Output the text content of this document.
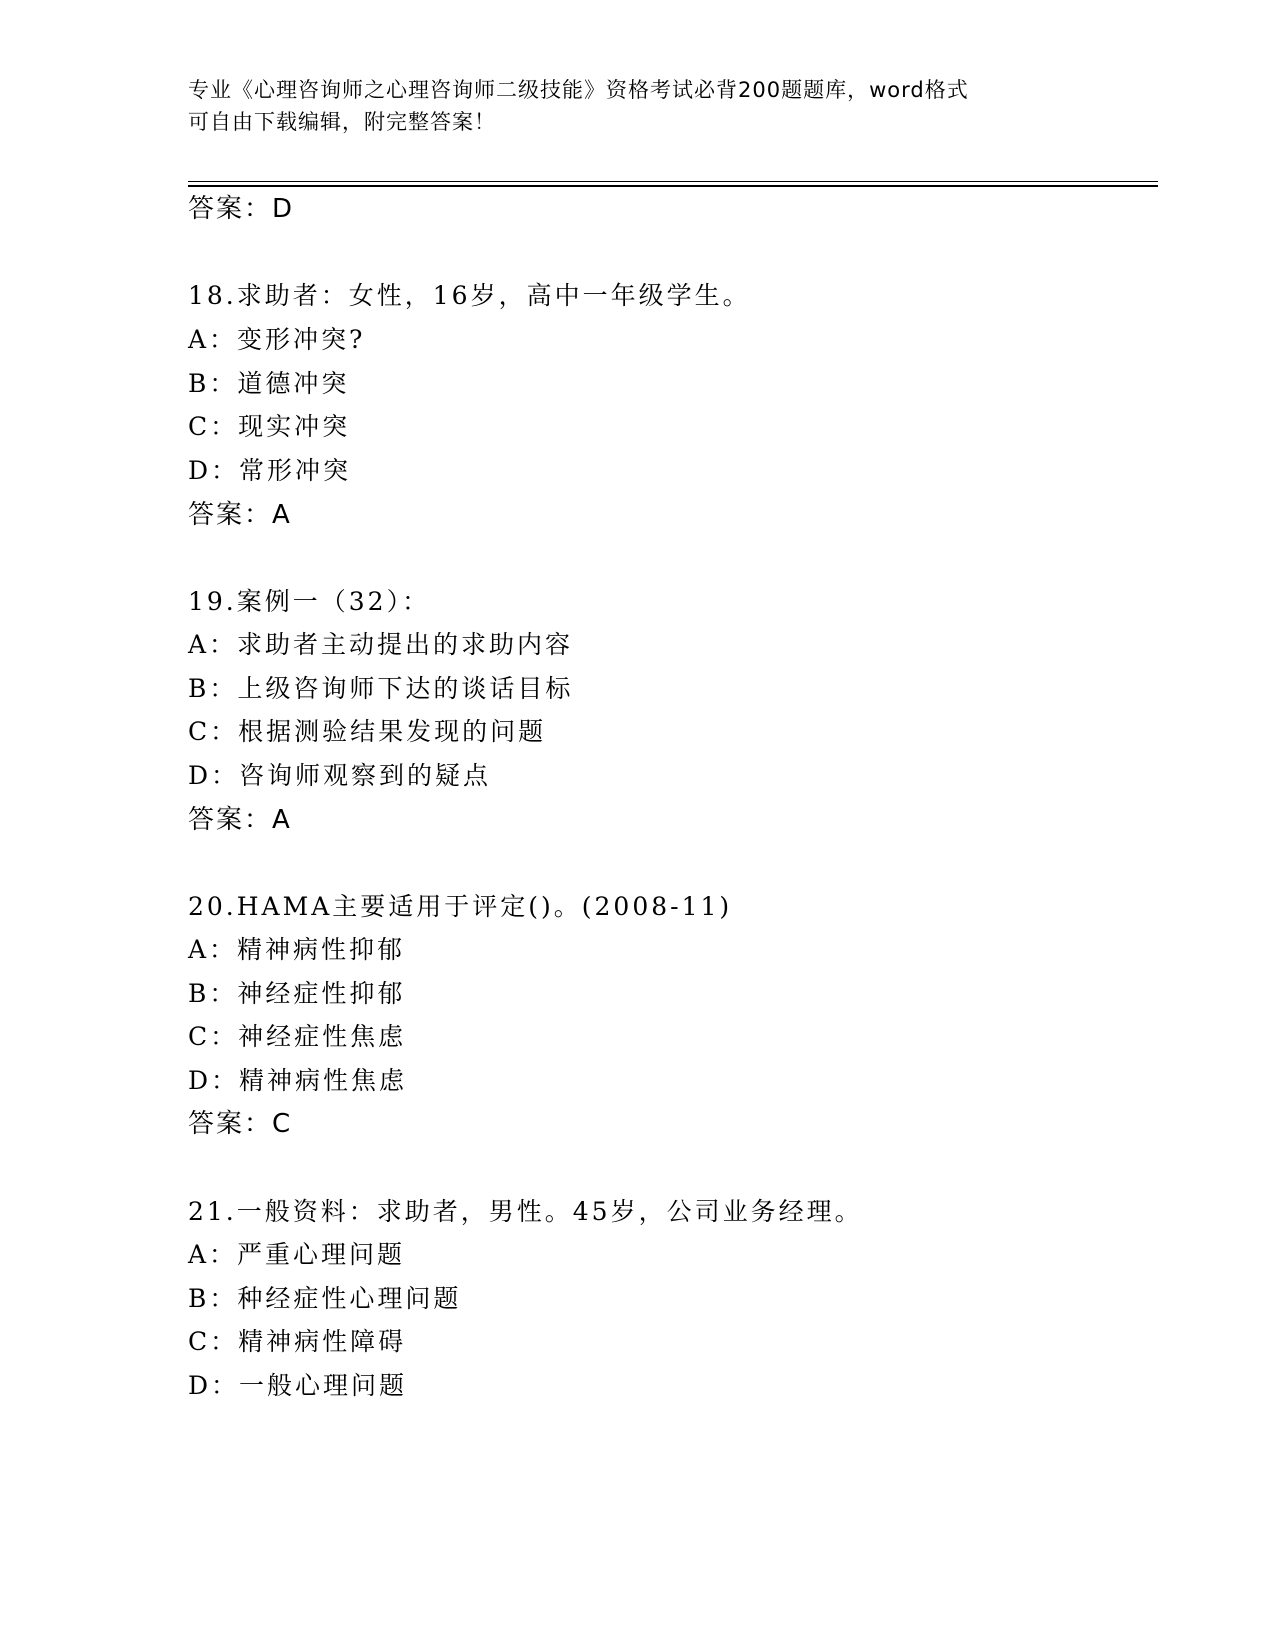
专业《心理咨询师之心理咨询师二级技能》资格考试必背200题题库，word格式
可自由下载编辑，附完整答案！
答案：D
18.求助者：女性，16岁，高中一年级学生。
A：变形冲突?
B：道德冲突
C：现实冲突
D：常形冲突
答案：A
19.案例一（32）：
A：求助者主动提出的求助内容
B：上级咨询师下达的谈话目标
C：根据测验结果发现的问题
D：咨询师观察到的疑点
答案：A
20.HAMA主要适用于评定()。(2008-11)
A：精神病性抑郁
B：神经症性抑郁
C：神经症性焦虑
D：精神病性焦虑
答案：C
21.一般资料：求助者，男性。45岁，公司业务经理。
A：严重心理问题
B：种经症性心理问题
C：精神病性障碍
D：一般心理问题
